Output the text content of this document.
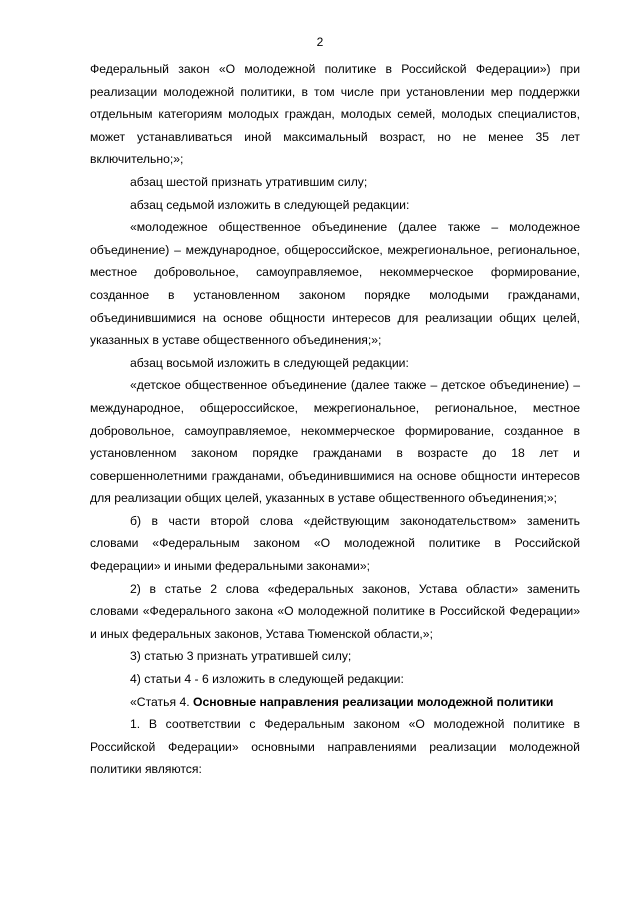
2

Федеральный закон «О молодежной политике в Российской Федерации») при реализации молодежной политики, в том числе при установлении мер поддержки отдельным категориям молодых граждан, молодых семей, молодых специалистов, может устанавливаться иной максимальный возраст, но не менее 35 лет включительно;»;

абзац шестой признать утратившим силу;

абзац седьмой изложить в следующей редакции:

«молодежное общественное объединение (далее также – молодежное объединение) – международное, общероссийское, межрегиональное, региональное, местное добровольное, самоуправляемое, некоммерческое формирование, созданное в установленном законом порядке молодыми гражданами, объединившимися на основе общности интересов для реализации общих целей, указанных в уставе общественного объединения;»;

абзац восьмой изложить в следующей редакции:

«детское общественное объединение (далее также – детское объединение) – международное, общероссийское, межрегиональное, региональное, местное добровольное, самоуправляемое, некоммерческое формирование, созданное в установленном законом порядке гражданами в возрасте до 18 лет и совершеннолетними гражданами, объединившимися на основе общности интересов для реализации общих целей, указанных в уставе общественного объединения;»;

б) в части второй слова «действующим законодательством» заменить словами «Федеральным законом «О молодежной политике в Российской Федерации» и иными федеральными законами»;

2) в статье 2 слова «федеральных законов, Устава области» заменить словами «Федерального закона «О молодежной политике в Российской Федерации» и иных федеральных законов, Устава Тюменской области,»;

3) статью 3 признать утратившей силу;

4) статьи 4 - 6 изложить в следующей редакции:

«Статья 4. Основные направления реализации молодежной политики

1. В соответствии с Федеральным законом «О молодежной политике в Российской Федерации» основными направлениями реализации молодежной политики являются:
